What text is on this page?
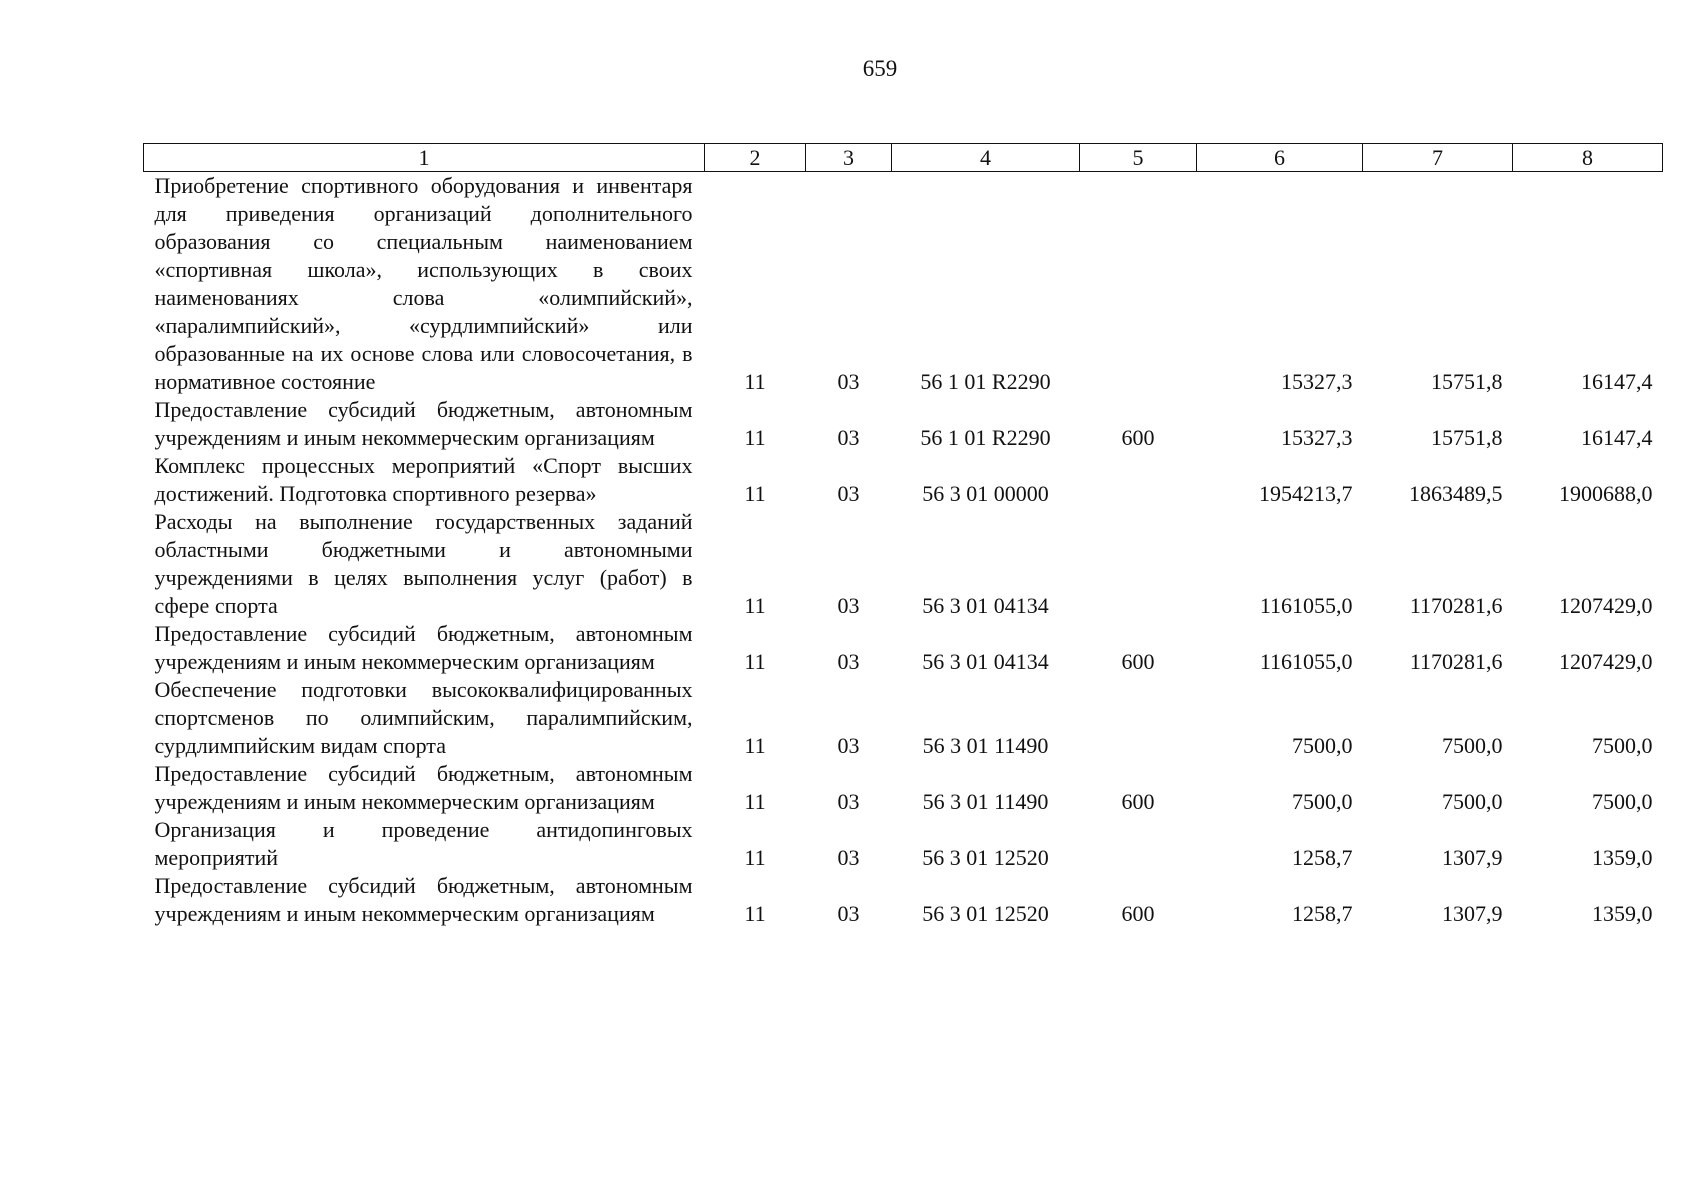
659
1	2	3	4	5	6	7	8
Приобретение спортивного оборудования и инвентаря для приведения организаций дополнительного образования со специальным наименованием «спортивная школа», использующих в своих наименованиях слова «олимпийский», «паралимпийский», «сурдлимпийский» или образованные на их основе слова или словосочетания, в нормативное состояние	11	03	56 1 01 R2290		15327,3	15751,8	16147,4
Предоставление субсидий бюджетным, автономным учреждениям и иным некоммерческим организациям	11	03	56 1 01 R2290	600	15327,3	15751,8	16147,4
Комплекс процессных мероприятий «Спорт высших достижений. Подготовка спортивного резерва»	11	03	56 3 01 00000		1954213,7	1863489,5	1900688,0
Расходы на выполнение государственных заданий областными бюджетными и автономными учреждениями в целях выполнения услуг (работ) в сфере спорта	11	03	56 3 01 04134		1161055,0	1170281,6	1207429,0
Предоставление субсидий бюджетным, автономным учреждениям и иным некоммерческим организациям	11	03	56 3 01 04134	600	1161055,0	1170281,6	1207429,0
Обеспечение подготовки высококвалифицированных спортсменов по олимпийским, паралимпийским, сурдлимпийским видам спорта	11	03	56 3 01 11490		7500,0	7500,0	7500,0
Предоставление субсидий бюджетным, автономным учреждениям и иным некоммерческим организациям	11	03	56 3 01 11490	600	7500,0	7500,0	7500,0
Организация и проведение антидопинговых мероприятий	11	03	56 3 01 12520		1258,7	1307,9	1359,0
Предоставление субсидий бюджетным, автономным учреждениям и иным некоммерческим организациям	11	03	56 3 01 12520	600	1258,7	1307,9	1359,0
